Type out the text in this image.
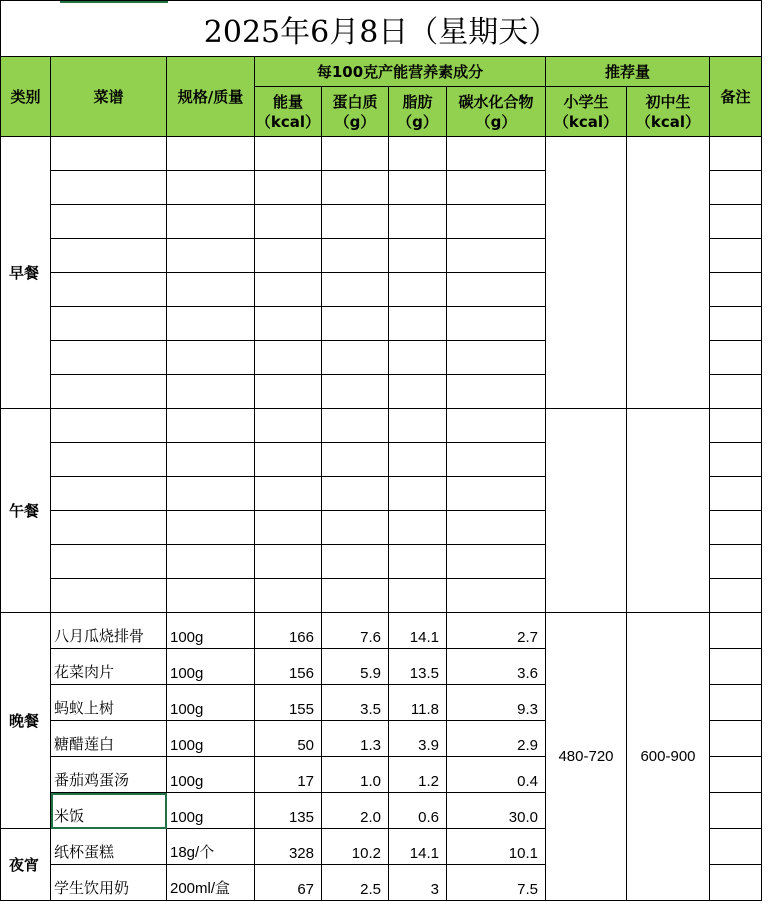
2025年6月8日（星期天）									
类别	菜谱	规格/质量	每100克产能营养素成分				推荐量		备注
			能量（kcal）	蛋白质（g）	脂肪（g）	碳水化合物（g）	小学生（kcal）	初中生（kcal）	
早餐									

午餐									

晚餐	八月瓜烧排骨	100g	166	7.6	14.1	2.7	480-720	600-900	
	花菜肉片	100g	156	5.9	13.5	3.6			
	蚂蚁上树	100g	155	3.5	11.8	9.3			
	糖醋莲白	100g	50	1.3	3.9	2.9			
	番茄鸡蛋汤	100g	17	1.0	1.2	0.4			
	米饭	100g	135	2.0	0.6	30.0			
夜宵	纸杯蛋糕	18g/个	328	10.2	14.1	10.1			
	学生饮用奶	200ml/盒	67	2.5	3	7.5			
